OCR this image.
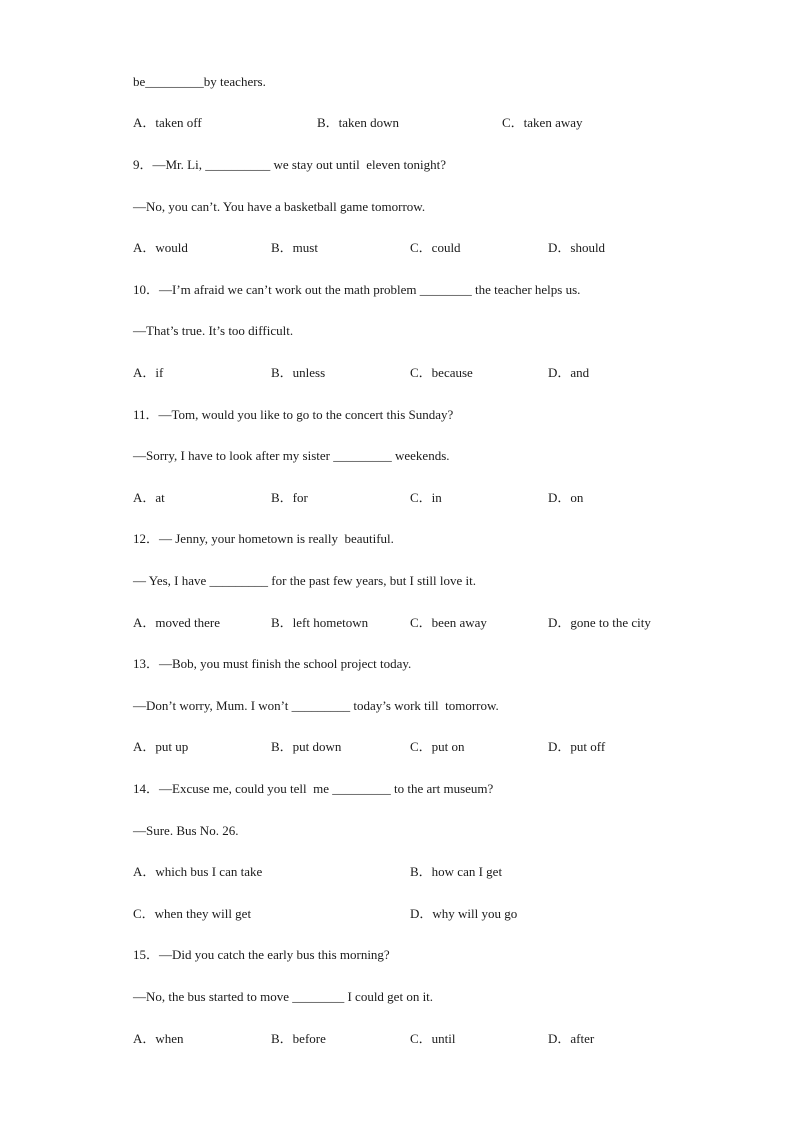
be_________by teachers.
A．taken off	B．taken down	C．taken away
9．—Mr. Li, __________ we stay out until  eleven tonight?
—No, you can’t. You have a basketball game tomorrow.
A．would	B．must	C．could	D．should
10．—I’m afraid we can’t work out the math problem ________ the teacher helps us.
—That’s true. It’s too difficult.
A．if	B．unless	C．because	D．and
11．—Tom, would you like to go to the concert this Sunday?
—Sorry, I have to look after my sister _________ weekends.
A．at	B．for	C．in	D．on
12．— Jenny, your hometown is really  beautiful.
— Yes, I have _________ for the past few years, but I still love it.
A．moved there	B．left hometown	C．been away	D．gone to the city
13．—Bob, you must finish the school project today.
—Don’t worry, Mum. I won’t _________ today’s work till  tomorrow.
A．put up	B．put down	C．put on	D．put off
14．—Excuse me, could you tell  me _________ to the art museum?
—Sure. Bus No. 26.
A．which bus I can take	B．how can I get
C．when they will get	D．why will you go
15．—Did you catch the early bus this morning?
—No, the bus started to move ________ I could get on it.
A．when	B．before	C．until	D．after
